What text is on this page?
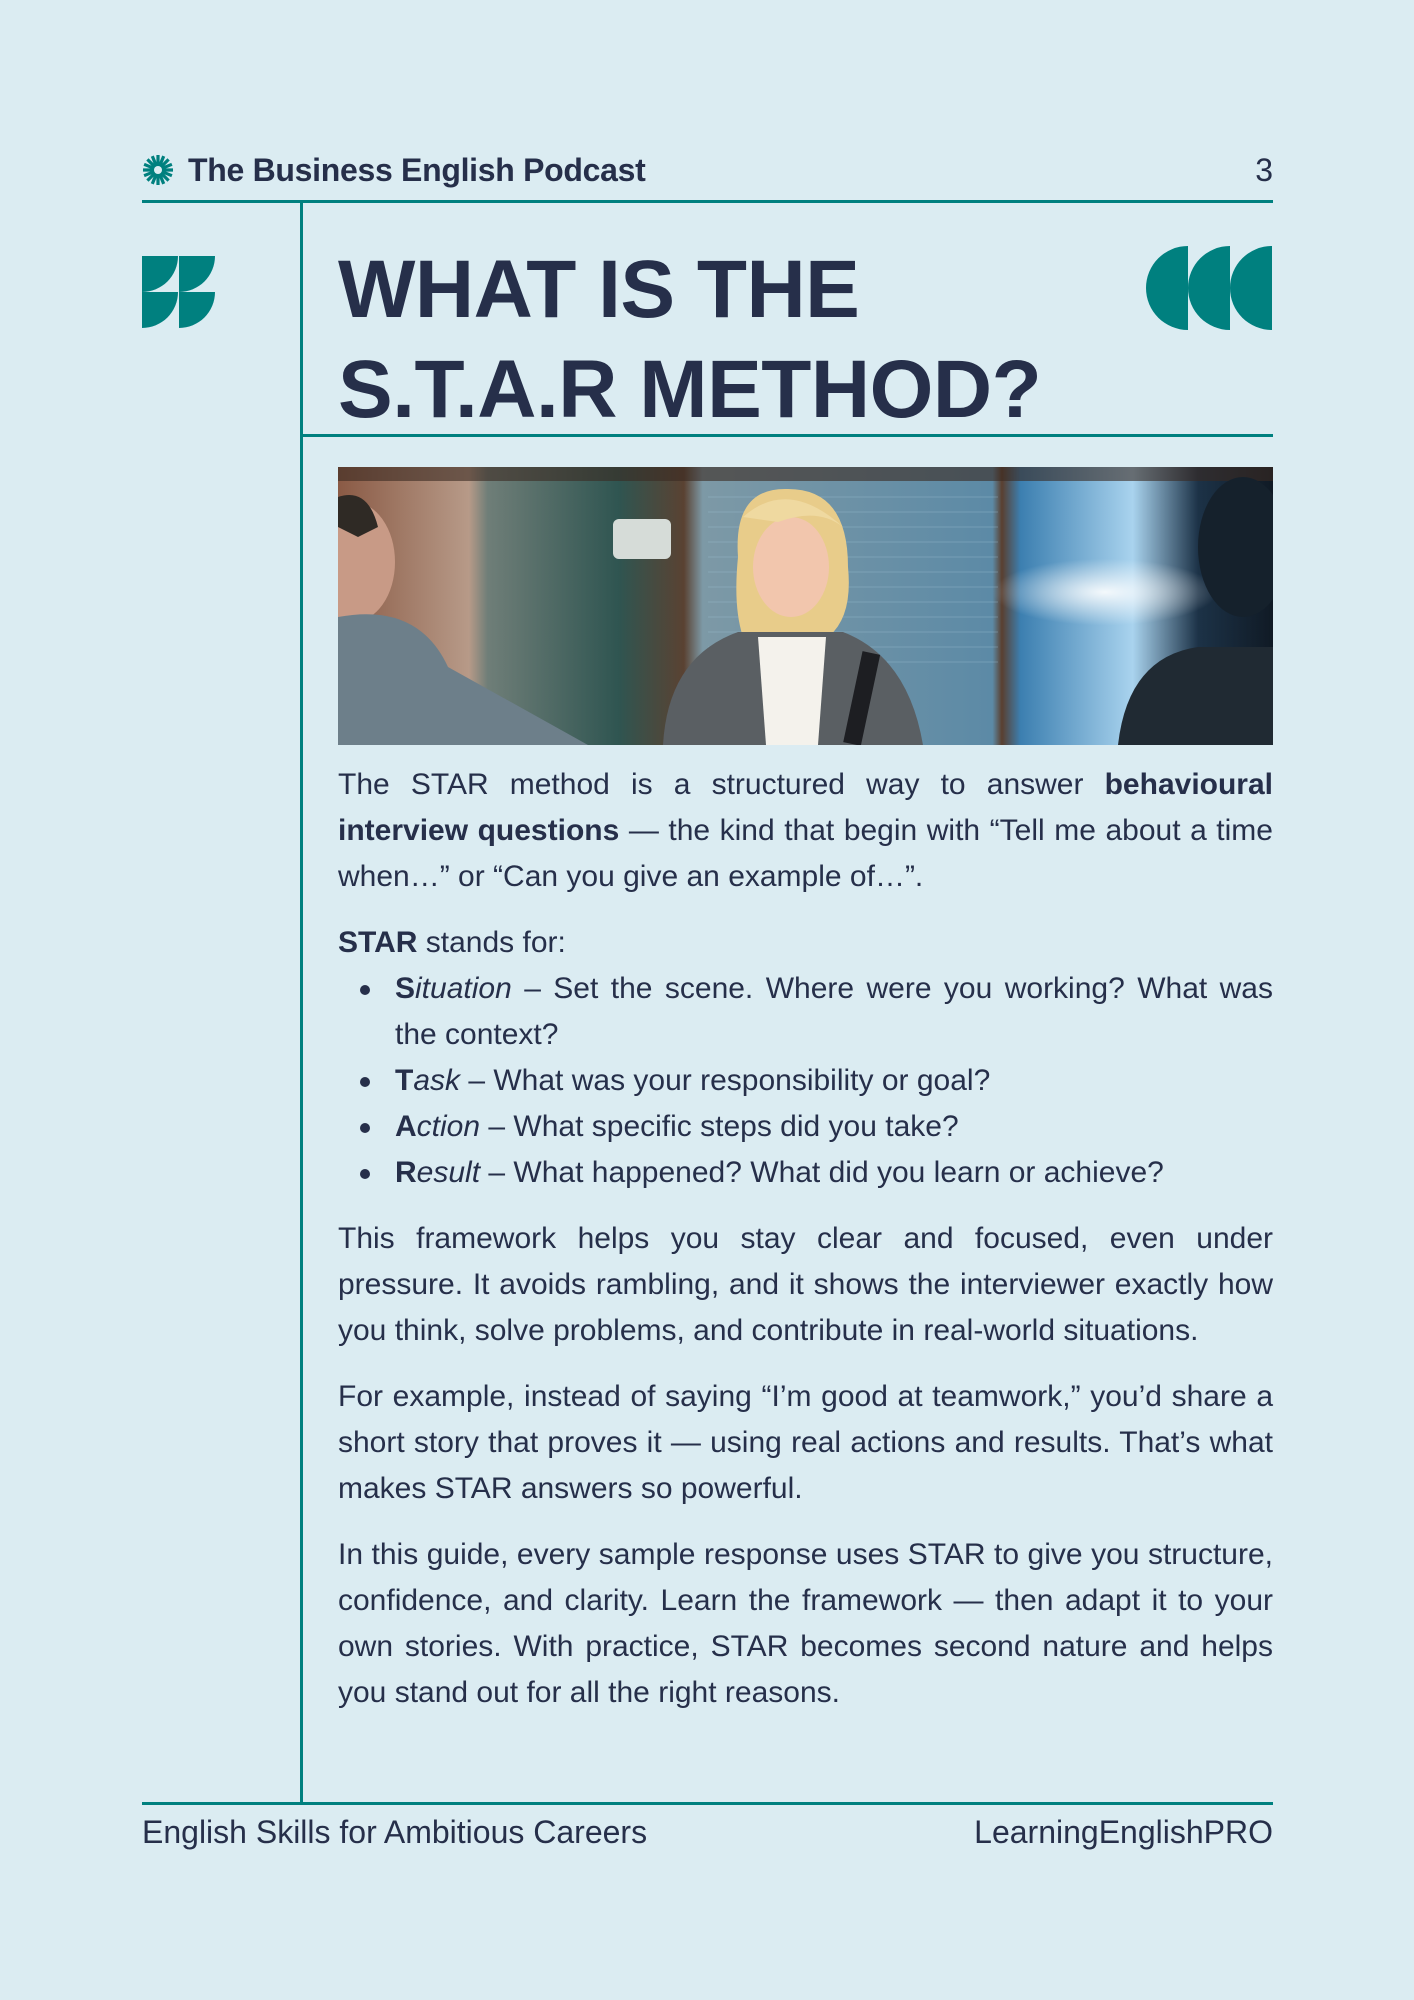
The Business English Podcast	3
WHAT IS THE
S.T.A.R METHOD?

The STAR method is a structured way to answer behavioural interview questions — the kind that begin with “Tell me about a time when…” or “Can you give an example of…”.

STAR stands for:

Situation – Set the scene. Where were you working? What was the context?
Task – What was your responsibility or goal?
Action – What specific steps did you take?
Result – What happened? What did you learn or achieve?

This framework helps you stay clear and focused, even under pressure. It avoids rambling, and it shows the interviewer exactly how you think, solve problems, and contribute in real-world situations.

For example, instead of saying “I’m good at teamwork,” you’d share a short story that proves it — using real actions and results. That’s what makes STAR answers so powerful.

In this guide, every sample response uses STAR to give you structure, confidence, and clarity. Learn the framework — then adapt it to your own stories. With practice, STAR becomes second nature and helps you stand out for all the right reasons.

English Skills for Ambitious Careers	LearningEnglishPRO
